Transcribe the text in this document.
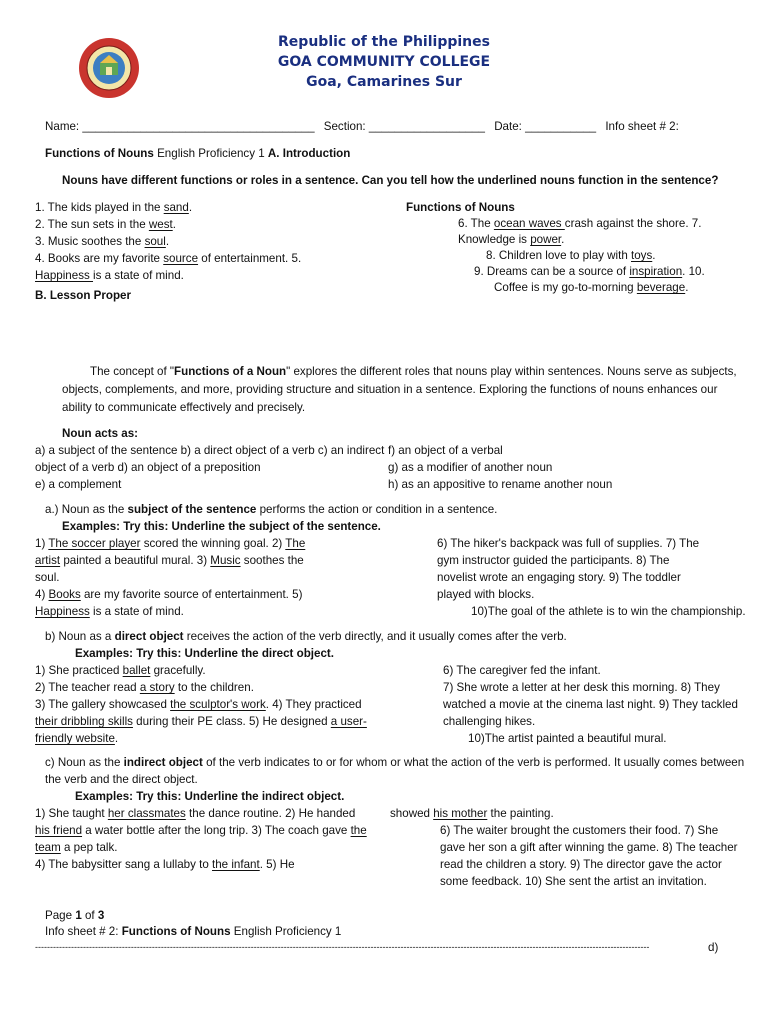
Republic of the Philippines
GOA COMMUNITY COLLEGE
Goa, Camarines Sur
Name: ____________________________________ Section: __________________ Date: ___________ Info sheet # 2:
Functions of Nouns English Proficiency 1 A. Introduction
Nouns have different functions or roles in a sentence. Can you tell how the underlined nouns function in the sentence?
1. The kids played in the sand.
2. The sun sets in the west.
3. Music soothes the soul.
4. Books are my favorite source of entertainment. 5.
Happiness is a state of mind.
Functions of Nouns
6. The ocean waves crash against the shore. 7.
Knowledge is power.
8. Children love to play with toys.
9. Dreams can be a source of inspiration. 10.
Coffee is my go-to-morning beverage.
B. Lesson Proper
The concept of "Functions of a Noun" explores the different roles that nouns play within sentences. Nouns serve as subjects, objects, complements, and more, providing structure and situation in a sentence. Exploring the functions of nouns enhances our ability to communicate effectively and precisely.
Noun acts as:
a) a subject of the sentence b) a direct object of a verb c) an indirect
object of a verb d) an object of a preposition
e) a complement
f) an object of a verbal
g) as a modifier of another noun
h) as an appositive to rename another noun
a.) Noun as the subject of the sentence performs the action or condition in a sentence.
Examples: Try this: Underline the subject of the sentence.
1) The soccer player scored the winning goal. 2) The
artist painted a beautiful mural. 3) Music soothes the
soul.
4) Books are my favorite source of entertainment. 5)
Happiness is a state of mind.
6) The hiker's backpack was full of supplies. 7) The
gym instructor guided the participants. 8) The
novelist wrote an engaging story. 9) The toddler
played with blocks.
10)The goal of the athlete is to win the championship.
b) Noun as a direct object receives the action of the verb directly, and it usually comes after the verb.
Examples: Try this: Underline the direct object.
1) She practiced ballet gracefully.
2) The teacher read a story to the children.
3) The gallery showcased the sculptor's work. 4) They practiced
their dribbling skills during their PE class. 5) He designed a user-
friendly website.
6) The caregiver fed the infant.
7) She wrote a letter at her desk this morning. 8) They
watched a movie at the cinema last night. 9) They tackled
challenging hikes.
10)The artist painted a beautiful mural.
c) Noun as the indirect object of the verb indicates to or for whom or what the action of the verb is performed. It usually comes between
the verb and the direct object.
Examples: Try this: Underline the indirect object.
1) She taught her classmates the dance routine. 2) He handed
his friend a water bottle after the long trip. 3) The coach gave the
team a pep talk.
4) The babysitter sang a lullaby to the infant. 5) He
showed his mother the painting.
6) The waiter brought the customers their food. 7) She
gave her son a gift after winning the game. 8) The teacher
read the children a story. 9) The director gave the actor
some feedback. 10) She sent the artist an invitation.
Page 1 of 3
Info sheet # 2: Functions of Nouns English Proficiency 1
-------------------------------------------------------------------------------------------------------------------------------------------------------------------------------------------------------------	d)
